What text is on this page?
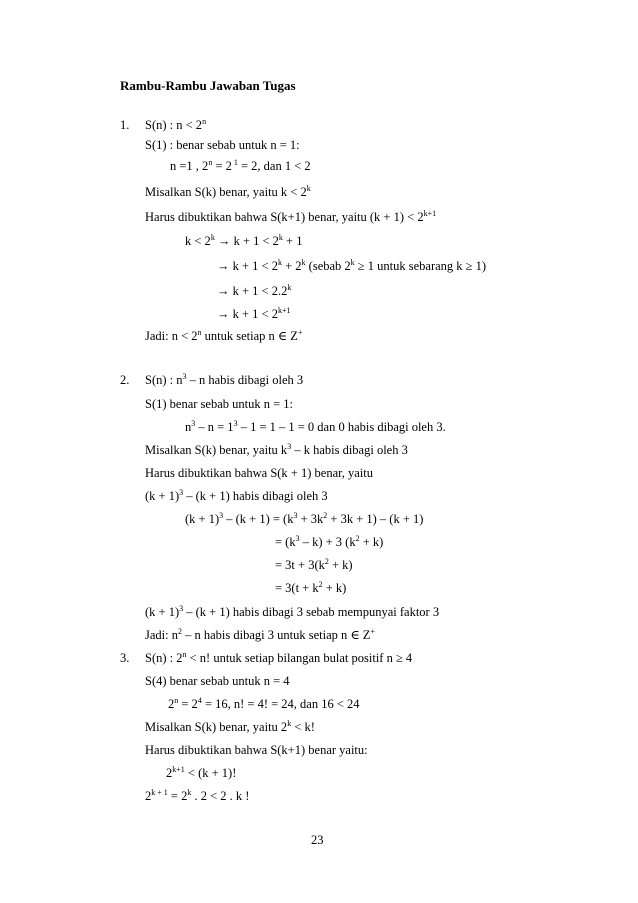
Rambu-Rambu Jawaban Tugas
1. S(n) : $n < 2^n$
S(1) : benar sebab untuk n = 1:
n =1 , $2^n = 2$ $^1$ = 2, dan 1 < 2
Misalkan S(k) benar, yaitu $k < 2^k$
Harus dibuktikan bahwa S(k+1) benar, yaitu $(k + 1) < 2^{k+1}$
$k < 2^k \to k + 1 < 2^k + 1$
→ $k + 1 < 2^k + 2^k$ (sebab $2^k \ge 1$ untuk sebarang k ≥ 1)
→ $k + 1 < 2.2^k$
→ $k + 1 < 2^{k+1}$
Jadi: $n < 2^n$ untuk setiap n ∈ Z+
2. S(n) : $n^3$ – n habis dibagi oleh 3
S(1) benar sebab untuk n = 1:
$n^3 - n = 1^3 - 1 = 1 - 1 = 0$ dan 0 habis dibagi oleh 3.
Misalkan S(k) benar, yaitu $k^3$ – k habis dibagi oleh 3
Harus dibuktikan bahwa S(k + 1) benar, yaitu
$(k + 1)^3 - (k + 1)$ habis dibagi oleh 3
$(k + 1)^3 - (k + 1) = (k^3 + 3k^2 + 3k + 1) - (k + 1)$
= $(k^3 - k) + 3$ $(k^2 + k)$
= $3t + 3(k^2 + k)$
= $3(t + k^2 + k)$
$(k + 1)^3 - (k + 1)$ habis dibagi 3 sebab mempunyai faktor 3
Jadi: $n^2$ – n habis dibagi 3 untuk setiap n ∈ Z+
3. S(n) : $2^n < n$! untuk setiap bilangan bulat positif n ≥ 4
S(4) benar sebab untuk n = 4
$2^n = 2^4 = 16$, n! = 4! = 24, dan 16 < 24
Misalkan S(k) benar, yaitu $2^k < k$!
Harus dibuktikan bahwa S(k+1) benar yaitu:
$2^{k+1} < (k + 1)$!
$2^{k + 1} = 2^k$ . 2 < 2 . k !
23
